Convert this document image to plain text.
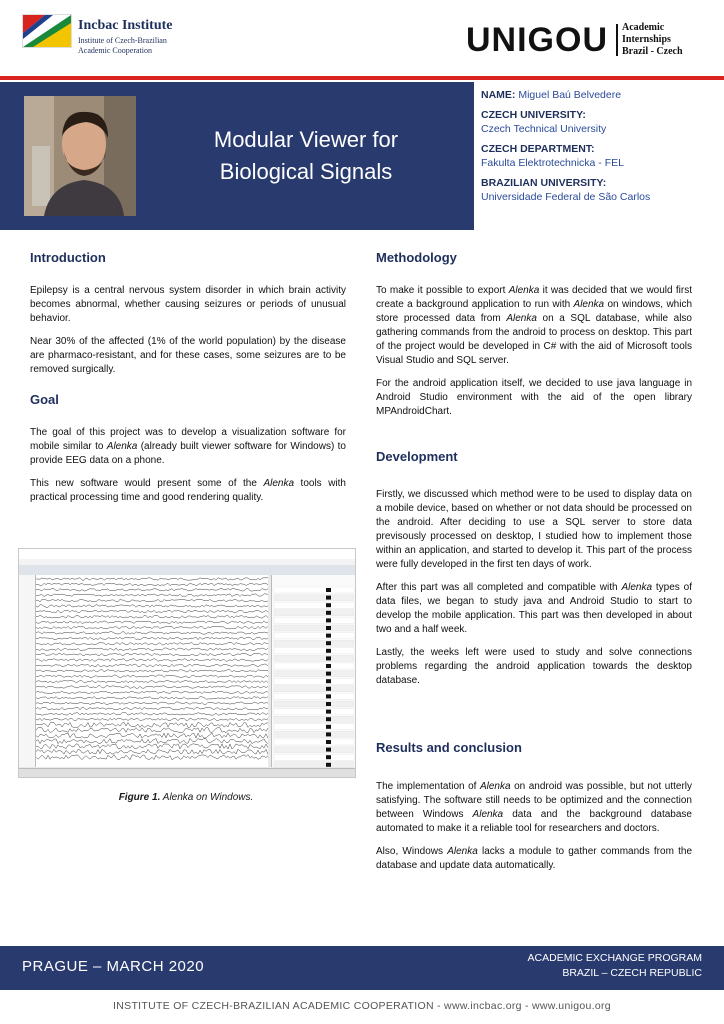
Incbac Institute
Institute of Czech-Brazilian Academic Cooperation	UNIGOU Academic
Internships
Brazil - Czech
Modular Viewer for
Biological Signals
NAME: Miguel Baú Belvedere
CZECH UNIVERSITY:
Czech Technical University
CZECH DEPARTMENT:
Fakulta Elektrotechnicka - FEL
BRAZILIAN UNIVERSITY:
Universidade Federal de São Carlos
Introduction

Epilepsy is a central nervous system disorder in which brain activity becomes abnormal, whether causing seizures or periods of unusual behavior.

Near 30% of the affected (1% of the world population) by the disease are pharmaco-resistant, and for these cases, some seizures are to be removed surgically.

Goal

The goal of this project was to develop a visualization software for mobile similar to Alenka (already built viewer software for Windows) to provide EEG data on a phone.

This new software would present some of the Alenka tools with practical processing time and good rendering quality.

Figure 1. Alenka on Windows.
Methodology

To make it possible to export Alenka it was decided that we would first create a background application to run with Alenka on windows, which store processed data from Alenka on a SQL database, while also gathering commands from the android to process on desktop. This part of the project would be developed in C# with the aid of Microsoft tools Visual Studio and SQL server.

For the android application itself, we decided to use java language in Android Studio environment with the aid of the open library MPAndroidChart.

Development

Firstly, we discussed which method were to be used to display data on a mobile device, based on whether or not data should be processed on the android. After deciding to use a SQL server to store data previsously processed on desktop, I studied how to implement those within an application, and started to develop it. This part of the process were fully developed in the first ten days of work.

After this part was all completed and compatible with Alenka types of data files, we began to study java and Android Studio to start to develop the mobile application. This part was then developed in about two and a half week.

Lastly, the weeks left were used to study and solve connections problems regarding the android application towards the desktop database.

Results and conclusion

The implementation of Alenka on android was possible, but not utterly satisfying. The software still needs to be optimized and the connection between Windows Alenka data and the background database automated to make it a reliable tool for researchers and doctors.

Also, Windows Alenka lacks a module to gather commands from the database and update data automatically.

PRAGUE – MARCH 2020	ACADEMIC EXCHANGE PROGRAM
BRAZIL – CZECH REPUBLIC
INSTITUTE OF CZECH-BRAZILIAN ACADEMIC COOPERATION - www.incbac.org - www.unigou.org
